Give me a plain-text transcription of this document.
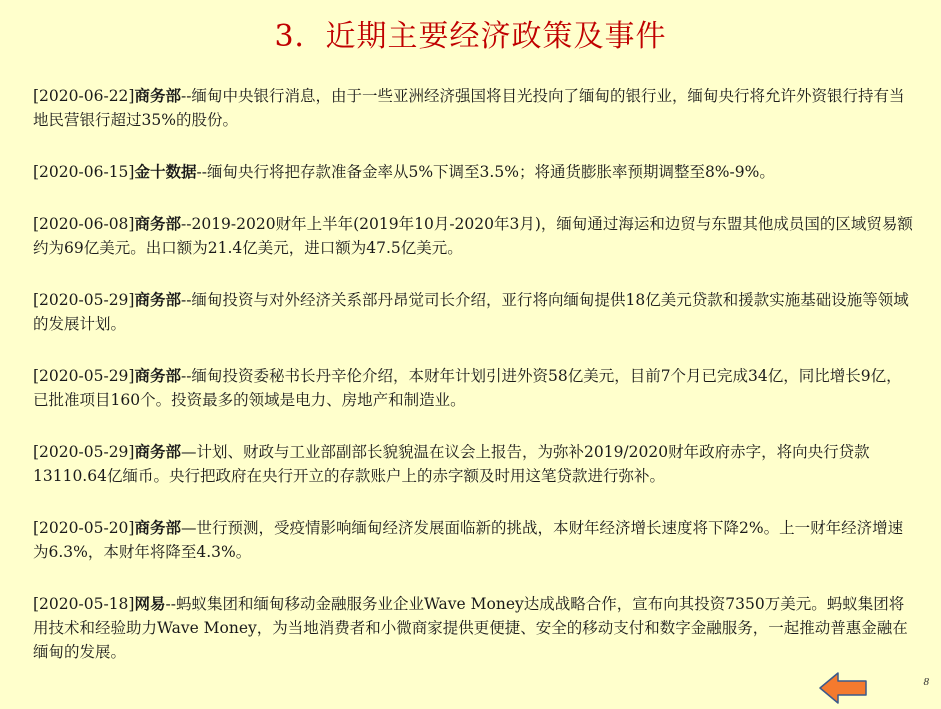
3．近期主要经济政策及事件

[2020-06-22]商务部--缅甸中央银行消息，由于一些亚洲经济强国将目光投向了缅甸的银行业，缅甸央行将允许外资银行持有当地民营银行超过35%的股份。

[2020-06-15]金十数据--缅甸央行将把存款准备金率从5%下调至3.5%；将通货膨胀率预期调整至8%-9%。

[2020-06-08]商务部--2019-2020财年上半年(2019年10月-2020年3月)，缅甸通过海运和边贸与东盟其他成员国的区域贸易额约为69亿美元。出口额为21.4亿美元，进口额为47.5亿美元。

[2020-05-29]商务部--缅甸投资与对外经济关系部丹昂觉司长介绍，亚行将向缅甸提供18亿美元贷款和援款实施基础设施等领域的发展计划。

[2020-05-29]商务部--缅甸投资委秘书长丹辛伦介绍，本财年计划引进外资58亿美元，目前7个月已完成34亿，同比增长9亿，已批准项目160个。投资最多的领域是电力、房地产和制造业。

[2020-05-29]商务部—计划、财政与工业部副部长貌貌温在议会上报告，为弥补2019/2020财年政府赤字，将向央行贷款13110.64亿缅币。央行把政府在央行开立的存款账户上的赤字额及时用这笔贷款进行弥补。

[2020-05-20]商务部—世行预测，受疫情影响缅甸经济发展面临新的挑战，本财年经济增长速度将下降2%。上一财年经济增速为6.3%，本财年将降至4.3%。

[2020-05-18]网易--蚂蚁集团和缅甸移动金融服务业企业Wave Money达成战略合作，宣布向其投资7350万美元。蚂蚁集团将用技术和经验助力Wave Money，为当地消费者和小微商家提供更便捷、安全的移动支付和数字金融服务，一起推动普惠金融在缅甸的发展。

8
